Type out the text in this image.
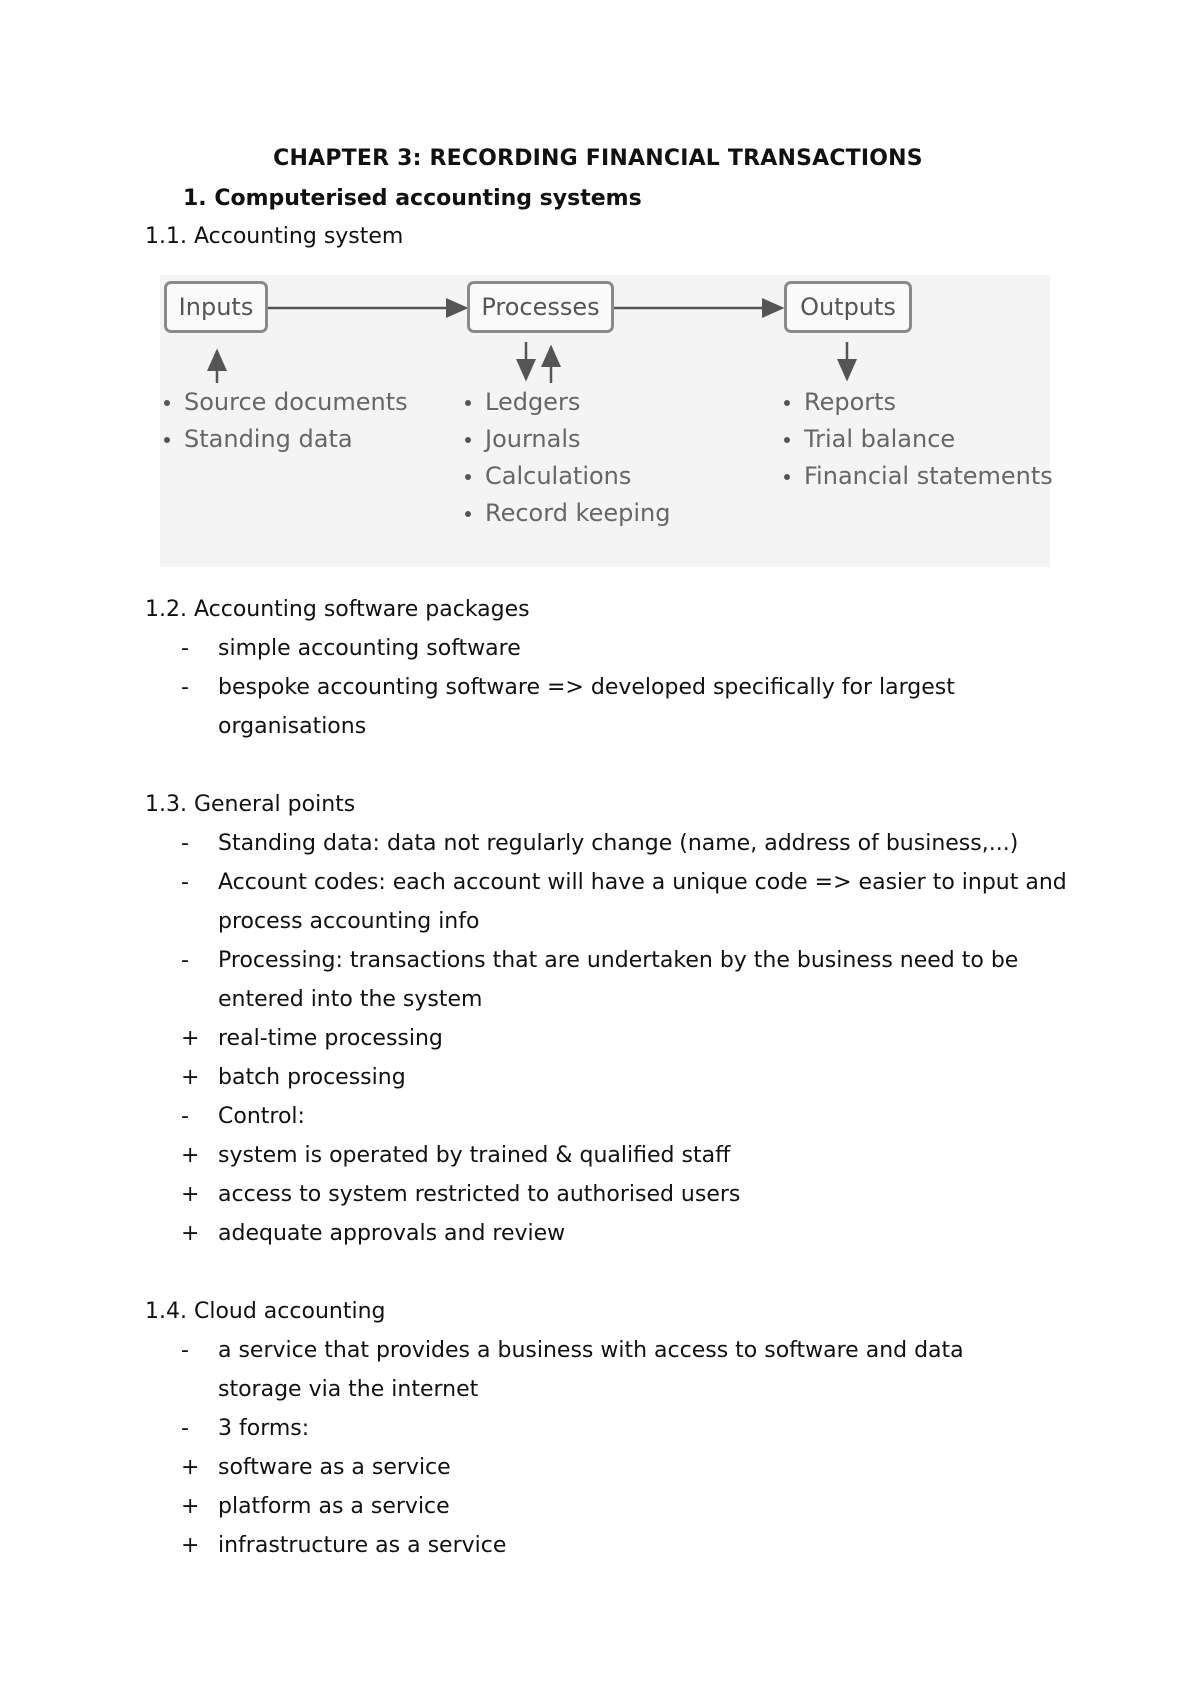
CHAPTER 3: RECORDING FINANCIAL TRANSACTIONS
1. Computerised accounting systems
1.1. Accounting system
Inputs	Processes	Outputs
Source documents
Standing data
Ledgers
Journals
Calculations
Record keeping
Reports
Trial balance
Financial statements
1.2. Accounting software packages
-	simple accounting software
-	bespoke accounting software => developed specifically for largest
organisations
1.3. General points
-	Standing data: data not regularly change (name, address of business,...)
-	Account codes: each account will have a unique code => easier to input and
process accounting info
-	Processing: transactions that are undertaken by the business need to be
entered into the system
+ real-time processing
+ batch processing
-	Control:
+ system is operated by trained & qualified staff
+ access to system restricted to authorised users
+ adequate approvals and review
1.4. Cloud accounting
-	a service that provides a business with access to software and data
storage via the internet
-	3 forms:
+ software as a service
+ platform as a service
+ infrastructure as a service
